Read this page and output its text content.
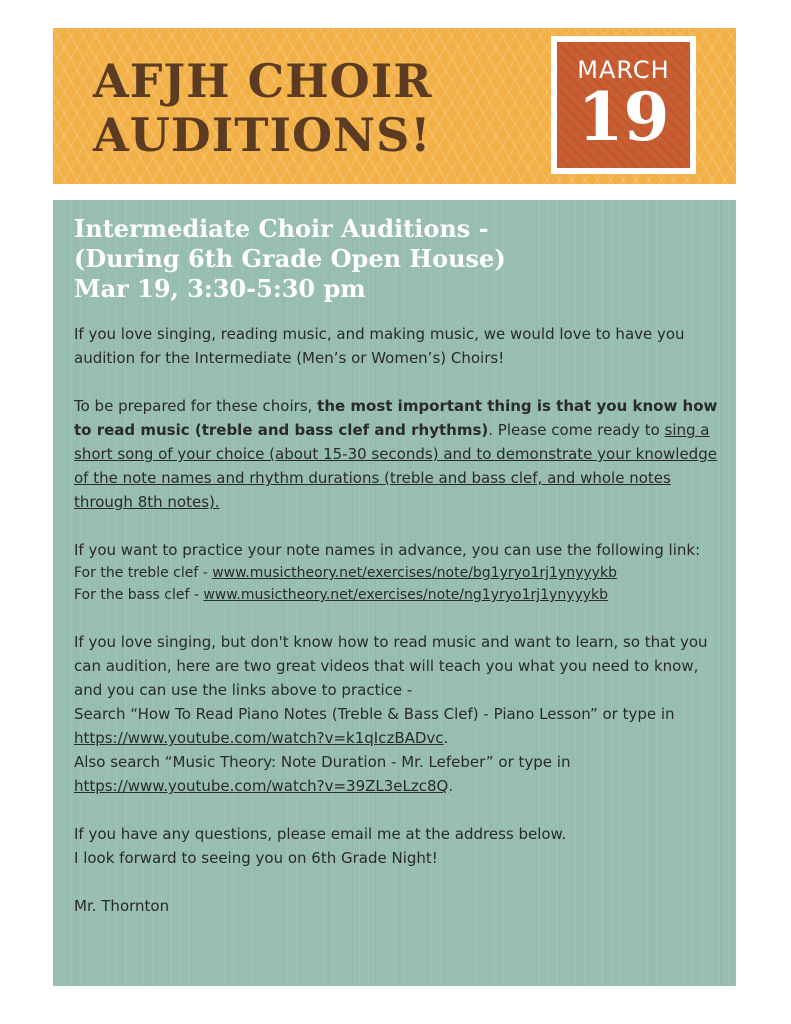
AFJH CHOIR
AUDITIONS!
MARCH
19
Intermediate Choir Auditions -
(During 6th Grade Open House)
Mar 19, 3:30-5:30 pm

If you love singing, reading music, and making music, we would love to have you audition for the Intermediate (Men’s or Women’s) Choirs!

To be prepared for these choirs, the most important thing is that you know how to read music (treble and bass clef and rhythms). Please come ready to sing a short song of your choice (about 15-30 seconds) and to demonstrate your knowledge of the note names and rhythm durations (treble and bass clef, and whole notes through 8th notes).

If you want to practice your note names in advance, you can use the following link:

For the treble clef - www.musictheory.net/exercises/note/bg1yryo1rj1ynyyykb

For the bass clef - www.musictheory.net/exercises/note/ng1yryo1rj1ynyyykb

If you love singing, but don't know how to read music and want to learn, so that you can audition, here are two great videos that will teach you what you need to know, and you can use the links above to practice -

Search “How To Read Piano Notes (Treble & Bass Clef) - Piano Lesson” or type in https://www.youtube.com/watch?v=k1qIczBADvc.

Also search “Music Theory: Note Duration - Mr. Lefeber” or type in https://www.youtube.com/watch?v=39ZL3eLzc8Q.

If you have any questions, please email me at the address below.

I look forward to seeing you on 6th Grade Night!

Mr. Thornton
